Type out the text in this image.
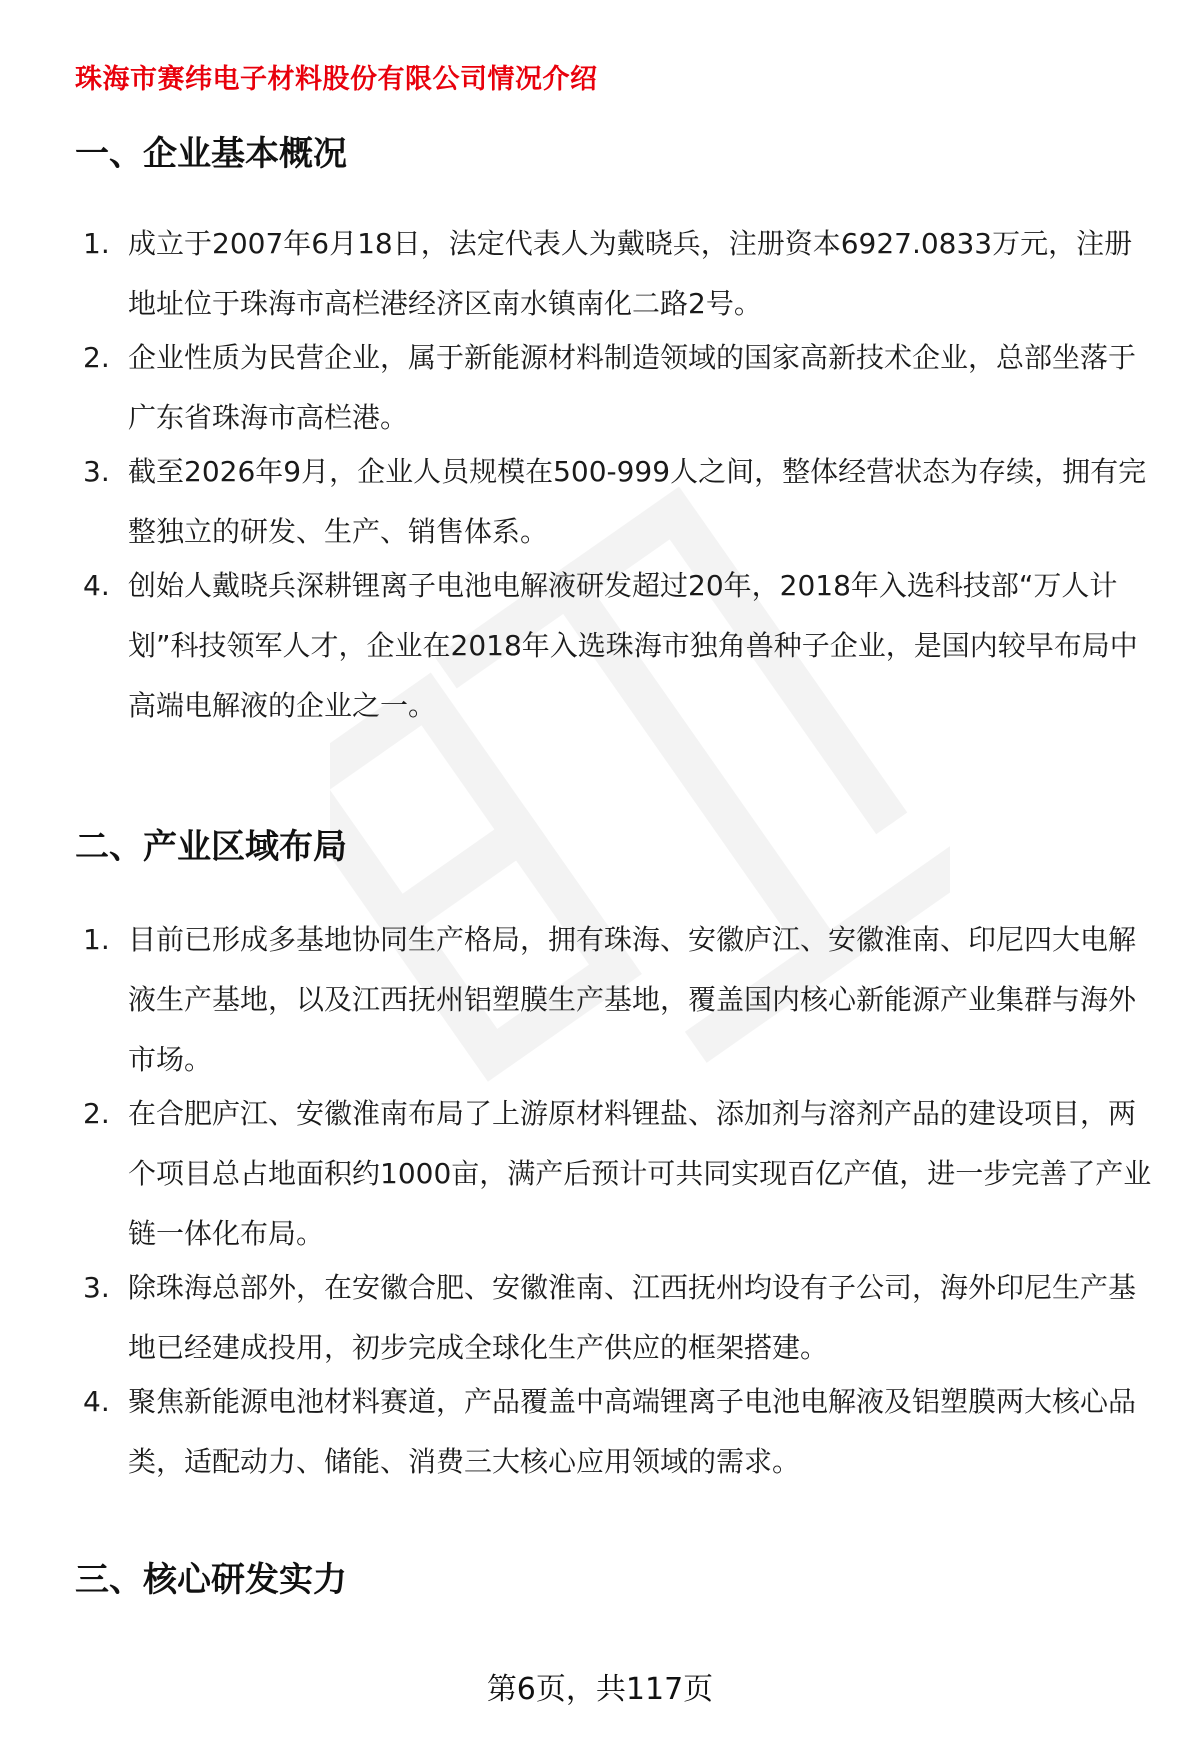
珠海市赛纬电子材料股份有限公司情况介绍
一、企业基本概况
1. 成立于2007年6月18日，法定代表人为戴晓兵，注册资本6927.0833万元，注册地址位于珠海市高栏港经济区南水镇南化二路2号。
2. 企业性质为民营企业，属于新能源材料制造领域的国家高新技术企业，总部坐落于广东省珠海市高栏港。
3. 截至2026年9月，企业人员规模在500-999人之间，整体经营状态为存续，拥有完整独立的研发、生产、销售体系。
4. 创始人戴晓兵深耕锂离子电池电解液研发超过20年，2018年入选科技部“万人计划”科技领军人才，企业在2018年入选珠海市独角兽种子企业，是国内较早布局中高端电解液的企业之一。
二、产业区域布局
1. 目前已形成多基地协同生产格局，拥有珠海、安徽庐江、安徽淮南、印尼四大电解液生产基地，以及江西抚州铝塑膜生产基地，覆盖国内核心新能源产业集群与海外市场。
2. 在合肥庐江、安徽淮南布局了上游原材料锂盐、添加剂与溶剂产品的建设项目，两个项目总占地面积约1000亩，满产后预计可共同实现百亿产值，进一步完善了产业链一体化布局。
3. 除珠海总部外，在安徽合肥、安徽淮南、江西抚州均设有子公司，海外印尼生产基地已经建成投用，初步完成全球化生产供应的框架搭建。
4. 聚焦新能源电池材料赛道，产品覆盖中高端锂离子电池电解液及铝塑膜两大核心品类，适配动力、储能、消费三大核心应用领域的需求。
三、核心研发实力
第6页，共117页
